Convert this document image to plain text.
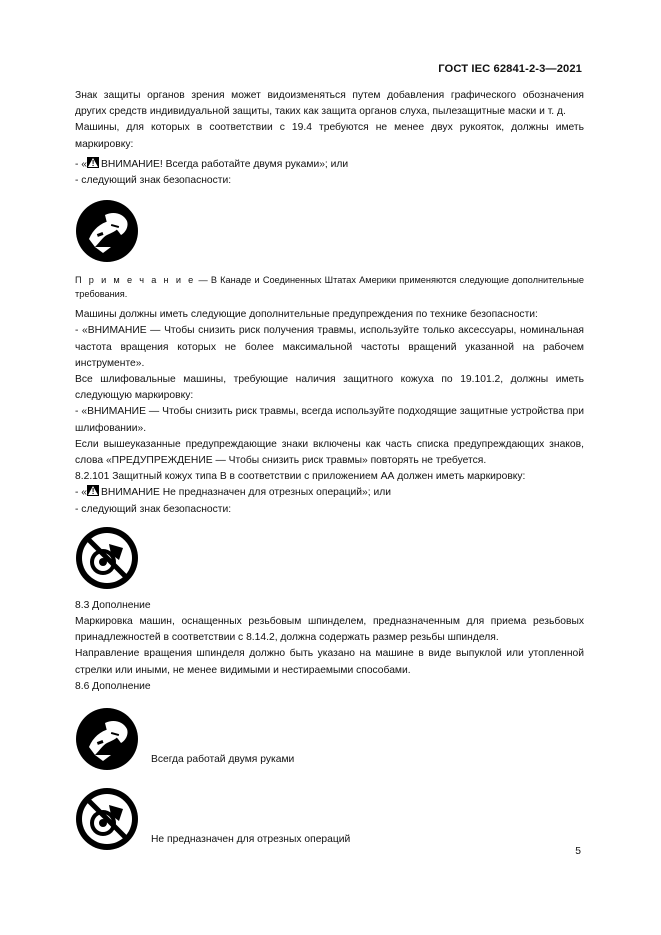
ГОСТ IEC 62841-2-3—2021

Знак защиты органов зрения может видоизменяться путем добавления графического обозначения других средств индивидуальной защиты, таких как защита органов слуха, пылезащитные маски и т. д.

Машины, для которых в соответствии с 19.4 требуются не менее двух рукояток, должны иметь маркировку:

- « ! ВНИМАНИЕ! Всегда работайте двумя руками»; или

- следующий знак безопасности:

П р и м е ч а н и е — В Канаде и Соединенных Штатах Америки применяются следующие дополнительные требования.

Машины должны иметь следующие дополнительные предупреждения по технике безопасности:

- «ВНИМАНИЕ — Чтобы снизить риск получения травмы, используйте только аксессуары, номинальная частота вращения которых не более максимальной частоты вращений указанной на рабочем инструменте».

Все шлифовальные машины, требующие наличия защитного кожуха по 19.101.2, должны иметь следующую маркировку:

- «ВНИМАНИЕ — Чтобы снизить риск травмы, всегда используйте подходящие защитные устройства при шлифовании».

Если вышеуказанные предупреждающие знаки включены как часть списка предупреждающих знаков, слова «ПРЕДУПРЕЖДЕНИЕ — Чтобы снизить риск травмы» повторять не требуется.

8.2.101 Защитный кожух типа В в соответствии с приложением АА должен иметь маркировку:

- « ! ВНИМАНИЕ Не предназначен для отрезных операций»; или

- следующий знак безопасности:

8.3 Дополнение

Маркировка машин, оснащенных резьбовым шпинделем, предназначенным для приема резьбовых принадлежностей в соответствии с 8.14.2, должна содержать размер резьбы шпинделя.

Направление вращения шпинделя должно быть указано на машине в виде выпуклой или утопленной стрелки или иными, не менее видимыми и нестираемыми способами.

8.6 Дополнение

Всегда работай двумя руками
Не предназначен для отрезных операций
5
